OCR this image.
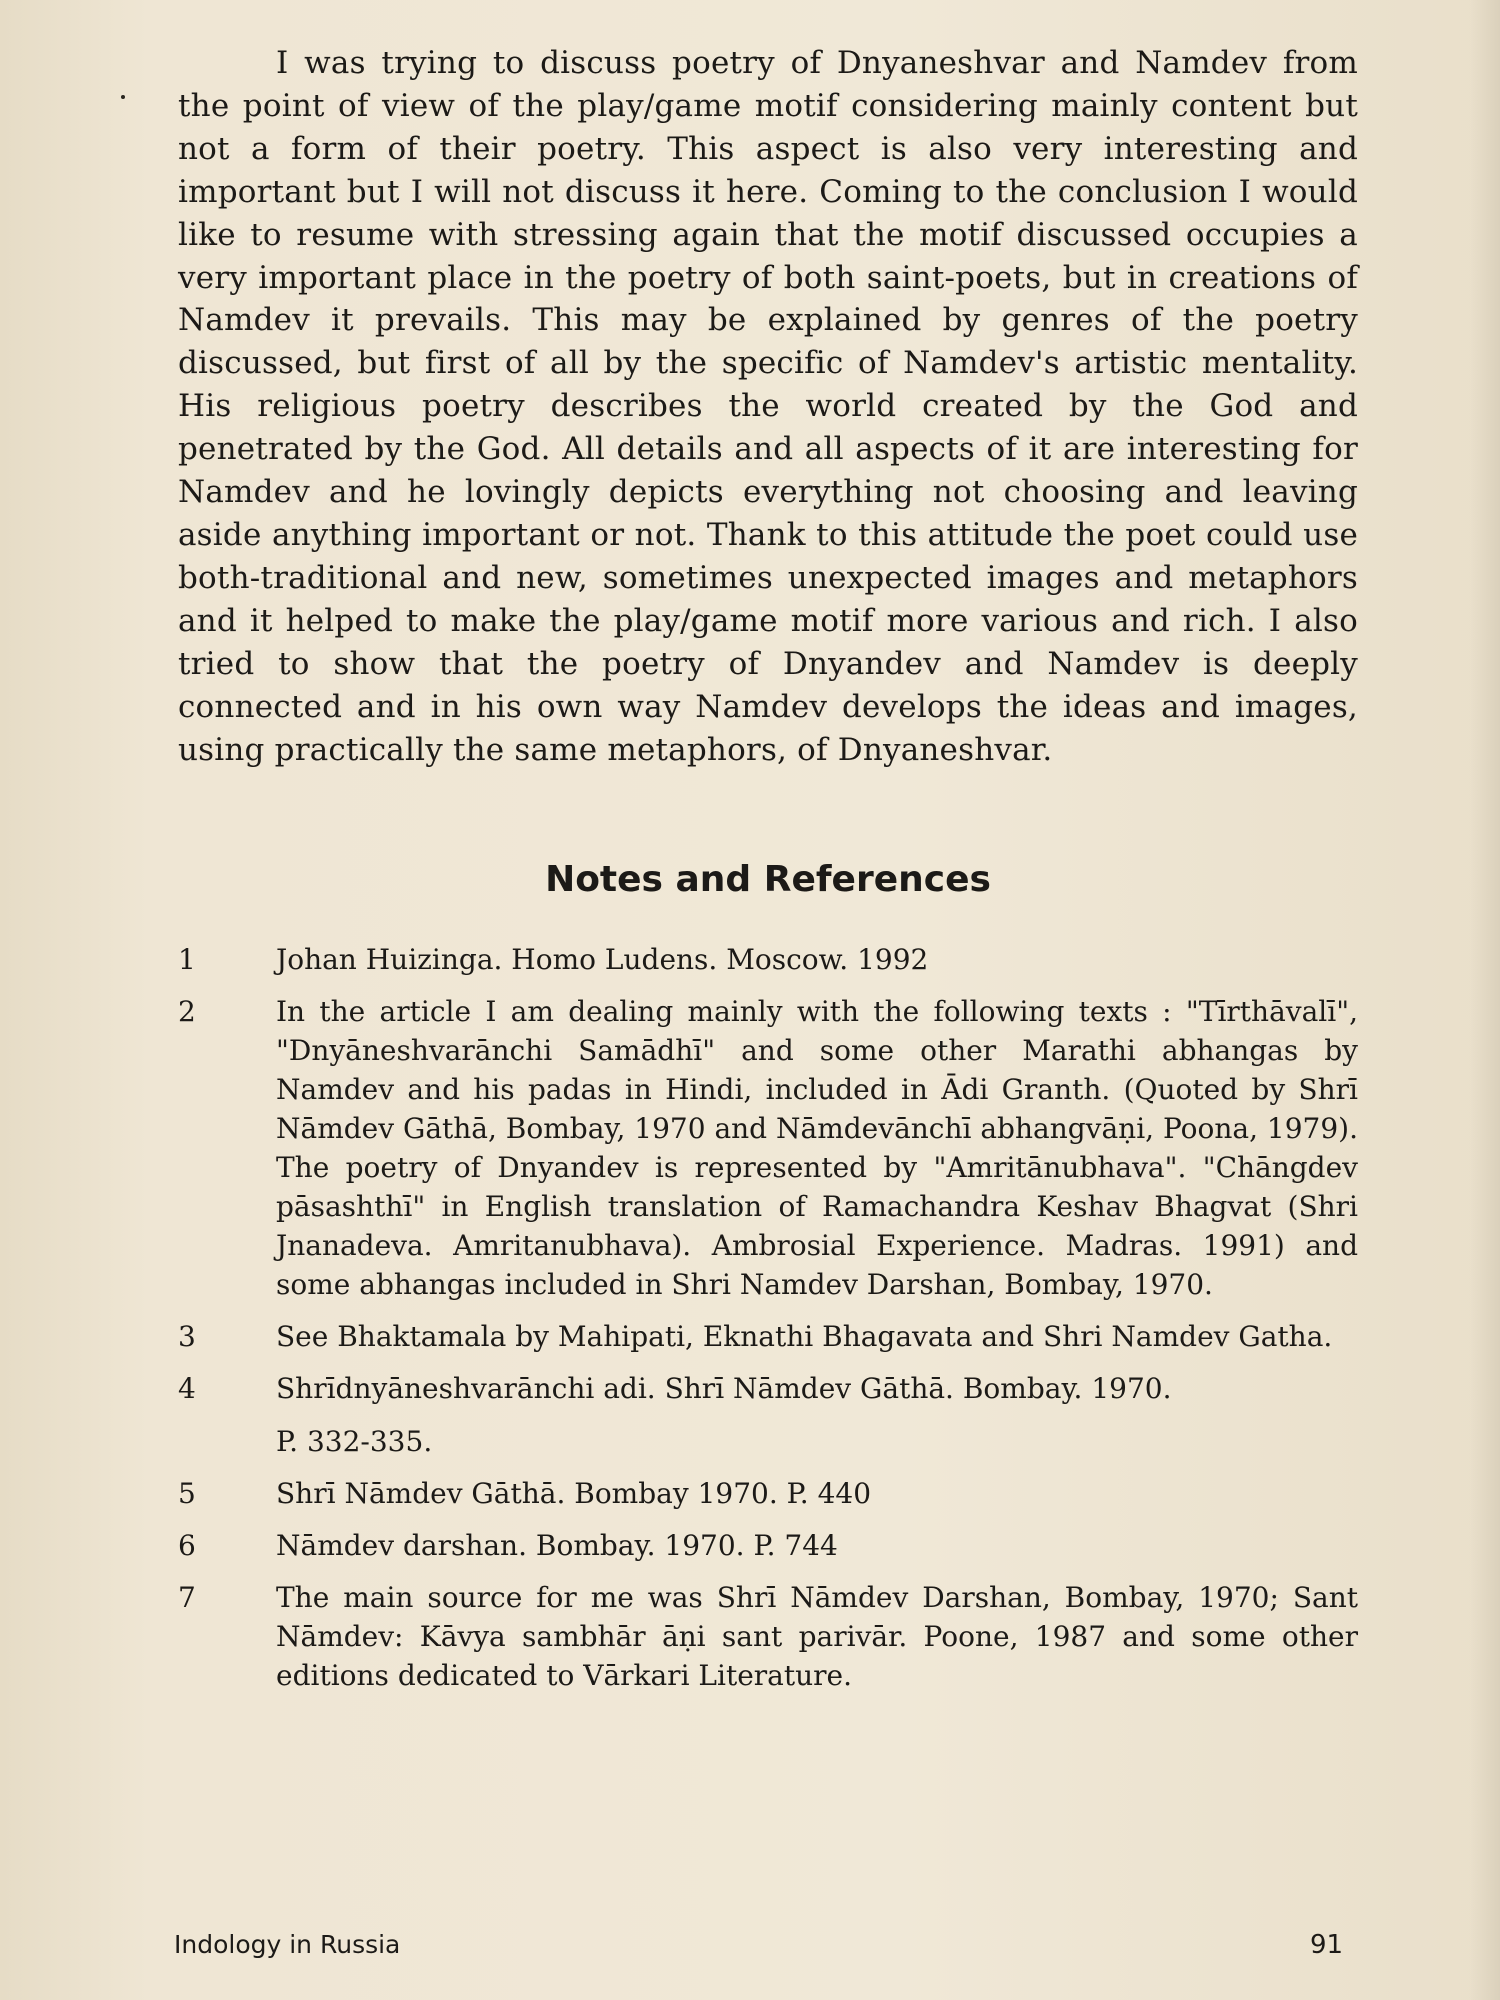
I was trying to discuss poetry of Dnyaneshvar and Namdev from the point of view of the play/game motif considering mainly content but not a form of their poetry. This aspect is also very interesting and important but I will not discuss it here. Coming to the conclusion I would like to resume with stressing again that the motif discussed occupies a very important place in the poetry of both saint-poets, but in creations of Namdev it prevails. This may be explained by genres of the poetry discussed, but first of all by the specific of Namdev's artistic mentality. His religious poetry describes the world created by the God and penetrated by the God. All details and all aspects of it are interesting for Namdev and he lovingly depicts everything not choosing and leaving aside anything important or not. Thank to this attitude the poet could use both-traditional and new, sometimes unexpected images and metaphors and it helped to make the play/game motif more various and rich. I also tried to show that the poetry of Dnyandev and Namdev is deeply connected and in his own way Namdev develops the ideas and images, using practically the same metaphors, of Dnyaneshvar.

Notes and References
1	Johan Huizinga. Homo Ludens. Moscow. 1992
2	In the article I am dealing mainly with the following texts : "Tīrthāvalī", "Dnyāneshvarānchi Samādhī" and some other Marathi abhangas by Namdev and his padas in Hindi, included in Ādi Granth. (Quoted by Shrī Nāmdev Gāthā, Bombay, 1970 and Nāmdevānchī abhangvāṇi, Poona, 1979). The poetry of Dnyandev is represented by "Amritānubhava". "Chāngdev pāsashthī" in English translation of Ramachandra Keshav Bhagvat (Shri Jnanadeva. Amritanubhava). Ambrosial Experience. Madras. 1991) and some abhangas included in Shri Namdev Darshan, Bombay, 1970.
3	See Bhaktamala by Mahipati, Eknathi Bhagavata and Shri Namdev Gatha.
4	Shrīdnyāneshvarānchi adi. Shrī Nāmdev Gāthā. Bombay. 1970.
P. 332-335.
5	Shrī Nāmdev Gāthā. Bombay 1970. P. 440
6	Nāmdev darshan. Bombay. 1970. P. 744
7	The main source for me was Shrī Nāmdev Darshan, Bombay, 1970; Sant Nāmdev: Kāvya sambhār āṇi sant parivār. Poone, 1987 and some other editions dedicated to Vārkari Literature.
Indology in Russia	91
